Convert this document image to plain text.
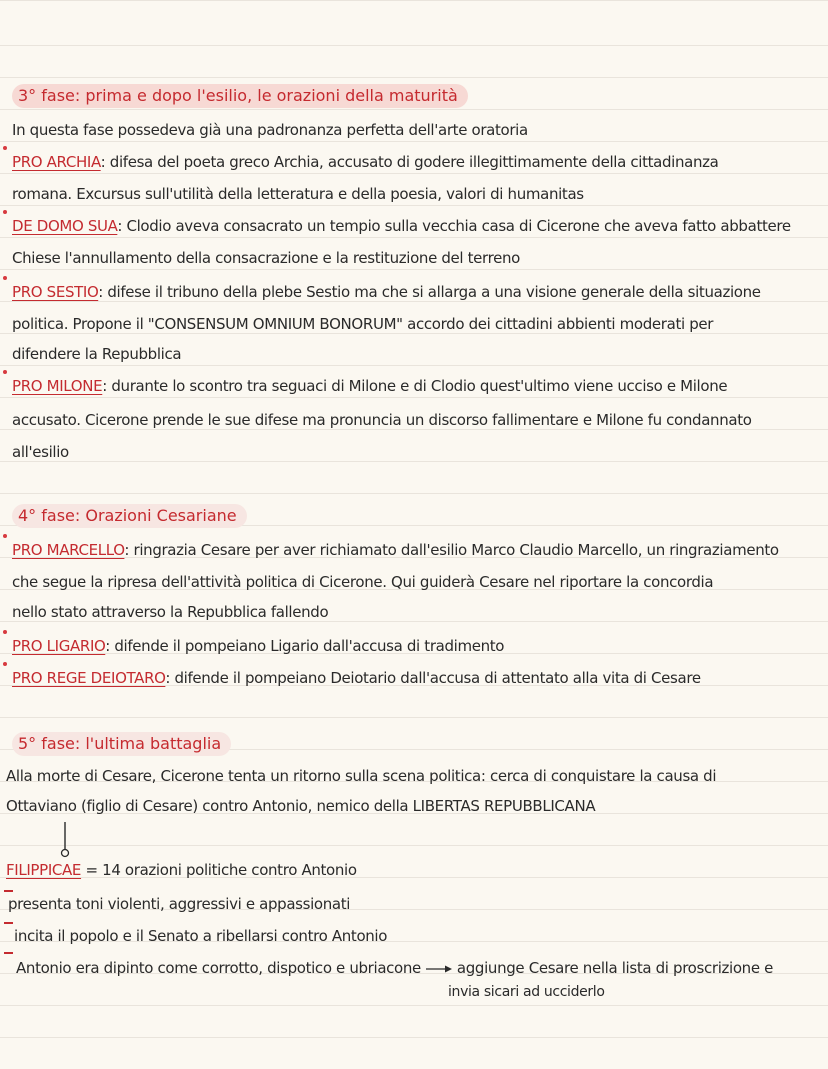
3° fase: prima e dopo l'esilio, le orazioni della maturità
In questa fase possedeva già una padronanza perfetta dell'arte oratoria
PRO ARCHIA: difesa del poeta greco Archia, accusato di godere illegittimamente della cittadinanza
romana. Excursus sull'utilità della letteratura e della poesia, valori di humanitas
DE DOMO SUA: Clodio aveva consacrato un tempio sulla vecchia casa di Cicerone che aveva fatto abbattere
Chiese l'annullamento della consacrazione e la restituzione del terreno
PRO SESTIO: difese il tribuno della plebe Sestio ma che si allarga a una visione generale della situazione
politica. Propone il "CONSENSUM OMNIUM BONORUM" accordo dei cittadini abbienti moderati per
difendere la Repubblica
PRO MILONE: durante lo scontro tra seguaci di Milone e di Clodio quest'ultimo viene ucciso e Milone
accusato. Cicerone prende le sue difese ma pronuncia un discorso fallimentare e Milone fu condannato
all'esilio
4° fase: Orazioni Cesariane
PRO MARCELLO: ringrazia Cesare per aver richiamato dall'esilio Marco Claudio Marcello, un ringraziamento
che segue la ripresa dell'attività politica di Cicerone. Qui guiderà Cesare nel riportare la concordia
nello stato attraverso la Repubblica fallendo
PRO LIGARIO: difende il pompeiano Ligario dall'accusa di tradimento
PRO REGE DEIOTARO: difende il pompeiano Deiotario dall'accusa di attentato alla vita di Cesare
5° fase: l'ultima battaglia
Alla morte di Cesare, Cicerone tenta un ritorno sulla scena politica: cerca di conquistare la causa di
Ottaviano (figlio di Cesare) contro Antonio, nemico della LIBERTAS REPUBBLICANA
FILIPPICAE = 14 orazioni politiche contro Antonio
presenta toni violenti, aggressivi e appassionati
incita il popolo e il Senato a ribellarsi contro Antonio
Antonio era dipinto come corrotto, dispotico e ubriacone aggiunge Cesare nella lista di proscrizione e
invia sicari ad ucciderlo
